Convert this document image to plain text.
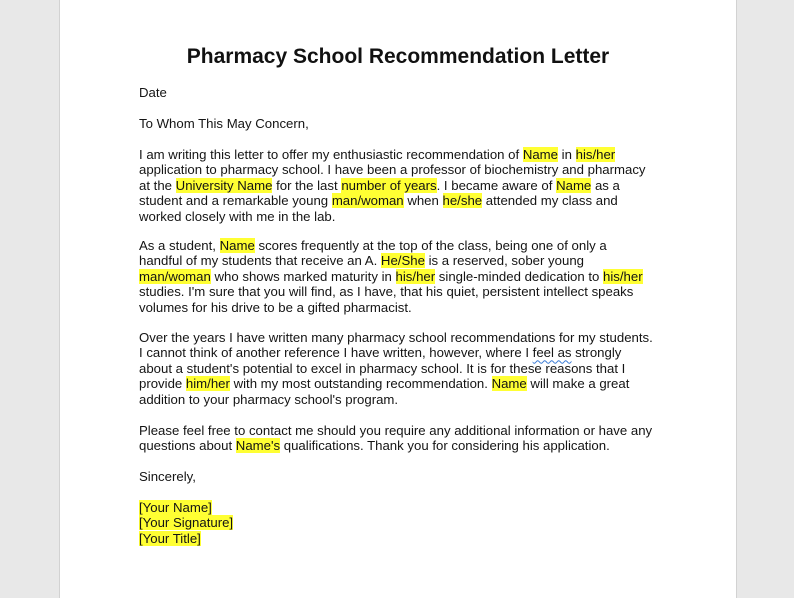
Pharmacy School Recommendation Letter

Date

To Whom This May Concern,

I am writing this letter to offer my enthusiastic recommendation of Name in his/her
application to pharmacy school. I have been a professor of biochemistry and pharmacy
at the University Name for the last number of years. I became aware of Name as a
student and a remarkable young man/woman when he/she attended my class and
worked closely with me in the lab.
As a student, Name scores frequently at the top of the class, being one of only a
handful of my students that receive an A. He/She is a reserved, sober young
man/woman who shows marked maturity in his/her single-minded dedication to his/her
studies. I'm sure that you will find, as I have, that his quiet, persistent intellect speaks
volumes for his drive to be a gifted pharmacist.
Over the years I have written many pharmacy school recommendations for my students.
I cannot think of another reference I have written, however, where I feel as strongly
about a student's potential to excel in pharmacy school. It is for these reasons that I
provide him/her with my most outstanding recommendation. Name will make a great
addition to your pharmacy school's program.
Please feel free to contact me should you require any additional information or have any
questions about Name's qualifications. Thank you for considering his application.

Sincerely,

[Your Name]
[Your Signature]
[Your Title]
